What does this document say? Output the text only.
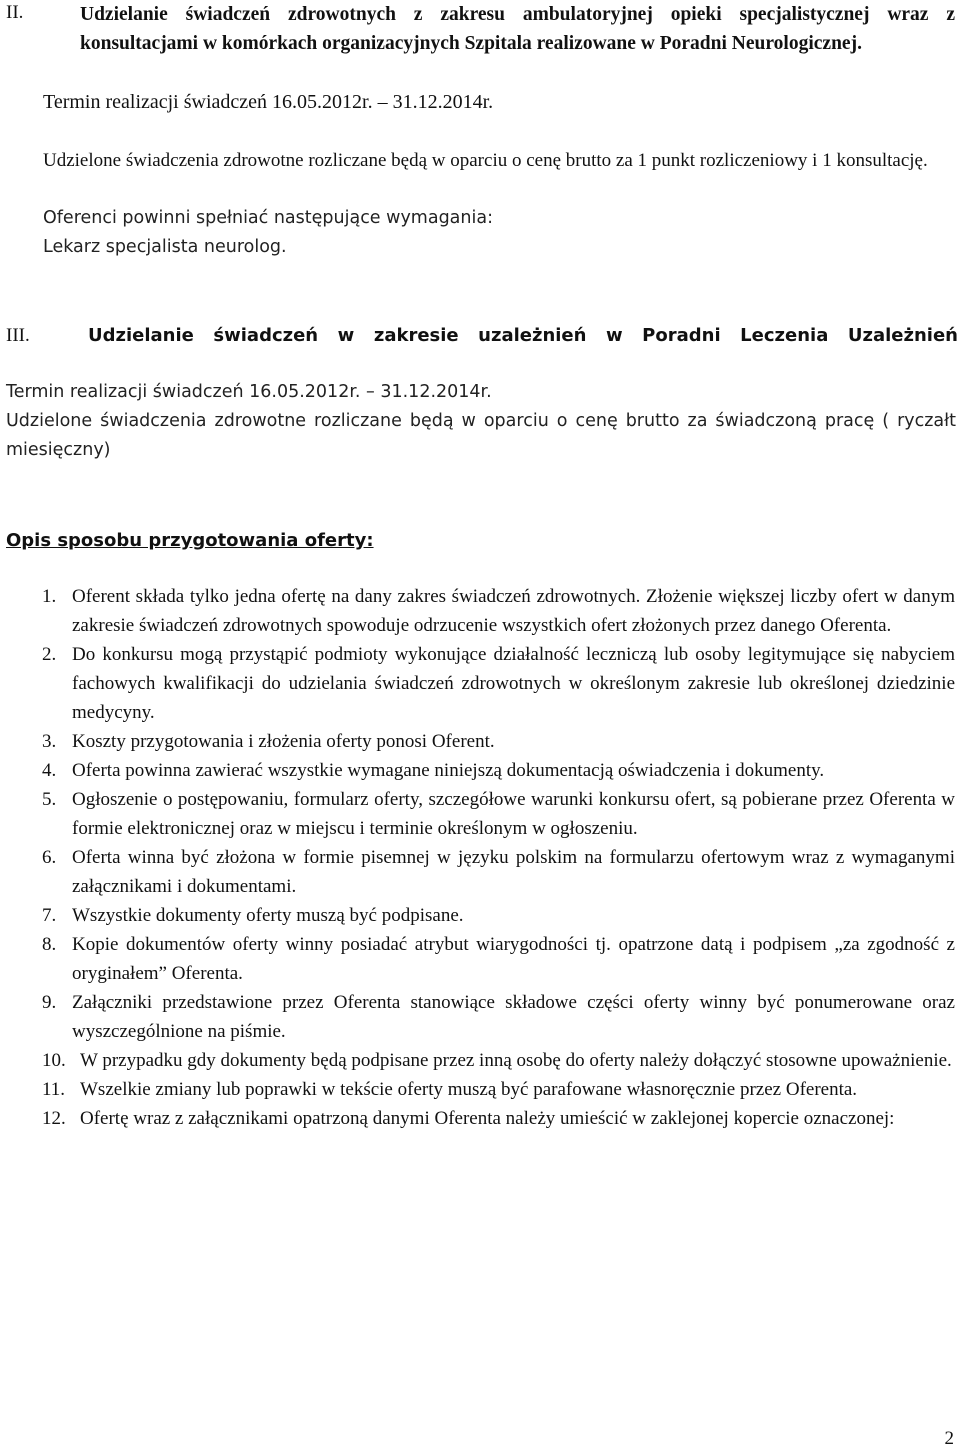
II.	Udzielanie świadczeń zdrowotnych z zakresu ambulatoryjnej opieki specjalistycznej wraz z konsultacjami w komórkach organizacyjnych Szpitala realizowane w Poradni Neurologicznej.
Termin realizacji świadczeń 16.05.2012r. – 31.12.2014r.
Udzielone świadczenia zdrowotne rozliczane będą w oparciu o cenę brutto za 1 punkt rozliczeniowy i 1 konsultację.
Oferenci powinni spełniać następujące wymagania:
Lekarz specjalista neurolog.
III.	Udzielanie świadczeń w zakresie uzależnień w Poradni Leczenia Uzależnień
Termin realizacji świadczeń 16.05.2012r. – 31.12.2014r.
Udzielone świadczenia zdrowotne rozliczane będą w oparciu o cenę brutto za świadczoną pracę ( ryczałt miesięczny)
Opis sposobu przygotowania oferty:
1. Oferent składa tylko jedna ofertę na dany zakres świadczeń zdrowotnych. Złożenie większej liczby ofert w danym zakresie świadczeń zdrowotnych spowoduje odrzucenie wszystkich ofert złożonych przez danego Oferenta.
2. Do konkursu mogą przystąpić podmioty wykonujące działalność leczniczą lub osoby legitymujące się nabyciem fachowych kwalifikacji do udzielania świadczeń zdrowotnych w określonym zakresie lub określonej dziedzinie medycyny.
3. Koszty przygotowania i złożenia oferty ponosi Oferent.
4. Oferta powinna zawierać wszystkie wymagane niniejszą dokumentacją oświadczenia i dokumenty.
5. Ogłoszenie o postępowaniu, formularz oferty, szczegółowe warunki konkursu ofert, są pobierane przez Oferenta w formie elektronicznej oraz w miejscu i terminie określonym w ogłoszeniu.
6. Oferta winna być złożona w formie pisemnej w języku polskim na formularzu ofertowym wraz z wymaganymi załącznikami i dokumentami.
7. Wszystkie dokumenty oferty muszą być podpisane.
8. Kopie dokumentów oferty winny posiadać atrybut wiarygodności tj. opatrzone datą i podpisem „za zgodność z oryginałem” Oferenta.
9. Załączniki przedstawione przez Oferenta stanowiące składowe części oferty winny być ponumerowane oraz wyszczególnione na piśmie.
10. W przypadku gdy dokumenty będą podpisane przez inną osobę do oferty należy dołączyć stosowne upoważnienie.
11. Wszelkie zmiany lub poprawki w tekście oferty muszą być parafowane własnoręcznie przez Oferenta.
12. Ofertę wraz z załącznikami opatrzoną danymi Oferenta należy umieścić w zaklejonej kopercie oznaczonej:
2
